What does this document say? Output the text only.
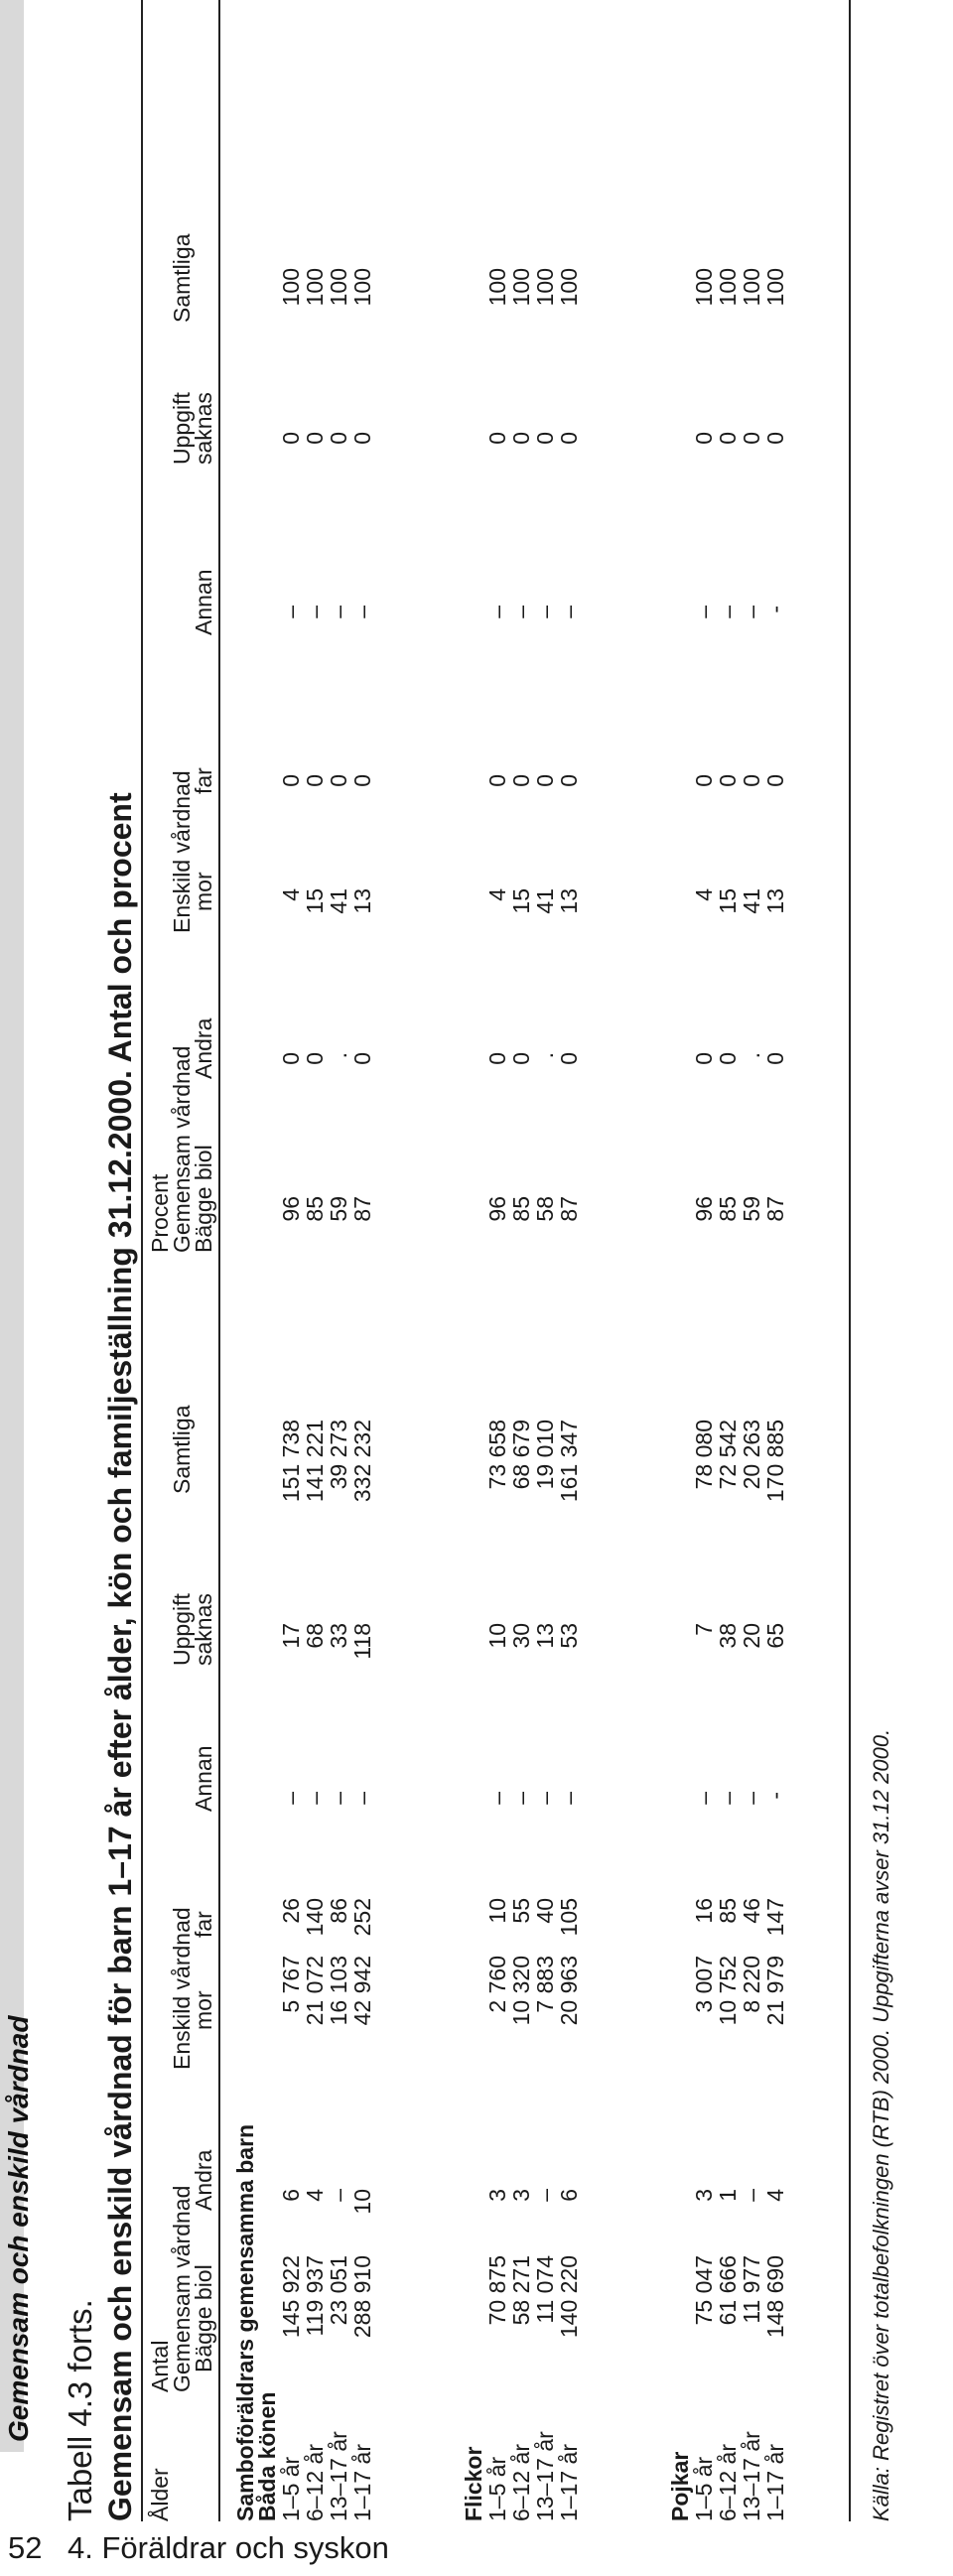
Gemensam och enskild vårdnad Tabell 4.3 forts. Gemensam och enskild vårdnad för barn 1–17 år efter ålder, kön och familjeställning 31.12.2000. Antal och procent Ålder
Antal
Procent
Gemensam vårdnad
Enskild vårdnad
Gemensam vårdnad
Enskild vårdnad
Uppgift
Uppgift
Samtliga
Samtliga
Bägge biol
Andra
mor
far
Annan
saknas
Bägge biol
Andra
mor
far
Annan
saknas
Samboföräldrars gemensamma barn
Båda könen
1–5 år
145 922
6
5 767
26
–
17
151 738
96
0
4
0
–
0
100
6–12 år
119 937
4
21 072
140
–
68
141 221
85
0
15
0
–
0
100
13–17 år
23 051
–
16 103
86
–
33
39 273
59
.
41
0
–
0
100
1–17 år
288 910
10
42 942
252
–
118
332 232
87
0
13
0
–
0
100
Flickor
1–5 år
70 875
3
2 760
10
–
10
73 658
96
0
4
0
–
0
100
6–12 år
58 271
3
10 320
55
–
30
68 679
85
0
15
0
–
0
100
13–17 år
11 074
–
7 883
40
–
13
19 010
58
.
41
0
–
0
100
1–17 år
140 220
6
20 963
105
–
53
161 347
87
0
13
0
–
0
100
Pojkar
1–5 år
75 047
3
3 007
16
–
7
78 080
96
0
4
0
–
0
100
6–12 år
61 666
1
10 752
85
–
38
72 542
85
0
15
0
–
0
100
13–17 år
11 977
–
8 220
46
–
20
20 263
59
.
41
0
–
0
100
1–17 år
148 690
4
21 979
147
-
65
170 885
87
0
13
0
-
0
100
Källa: Registret över totalbefolkningen (RTB) 2000. Uppgifterna avser 31.12 2000.
52 4. Föräldrar och syskon
